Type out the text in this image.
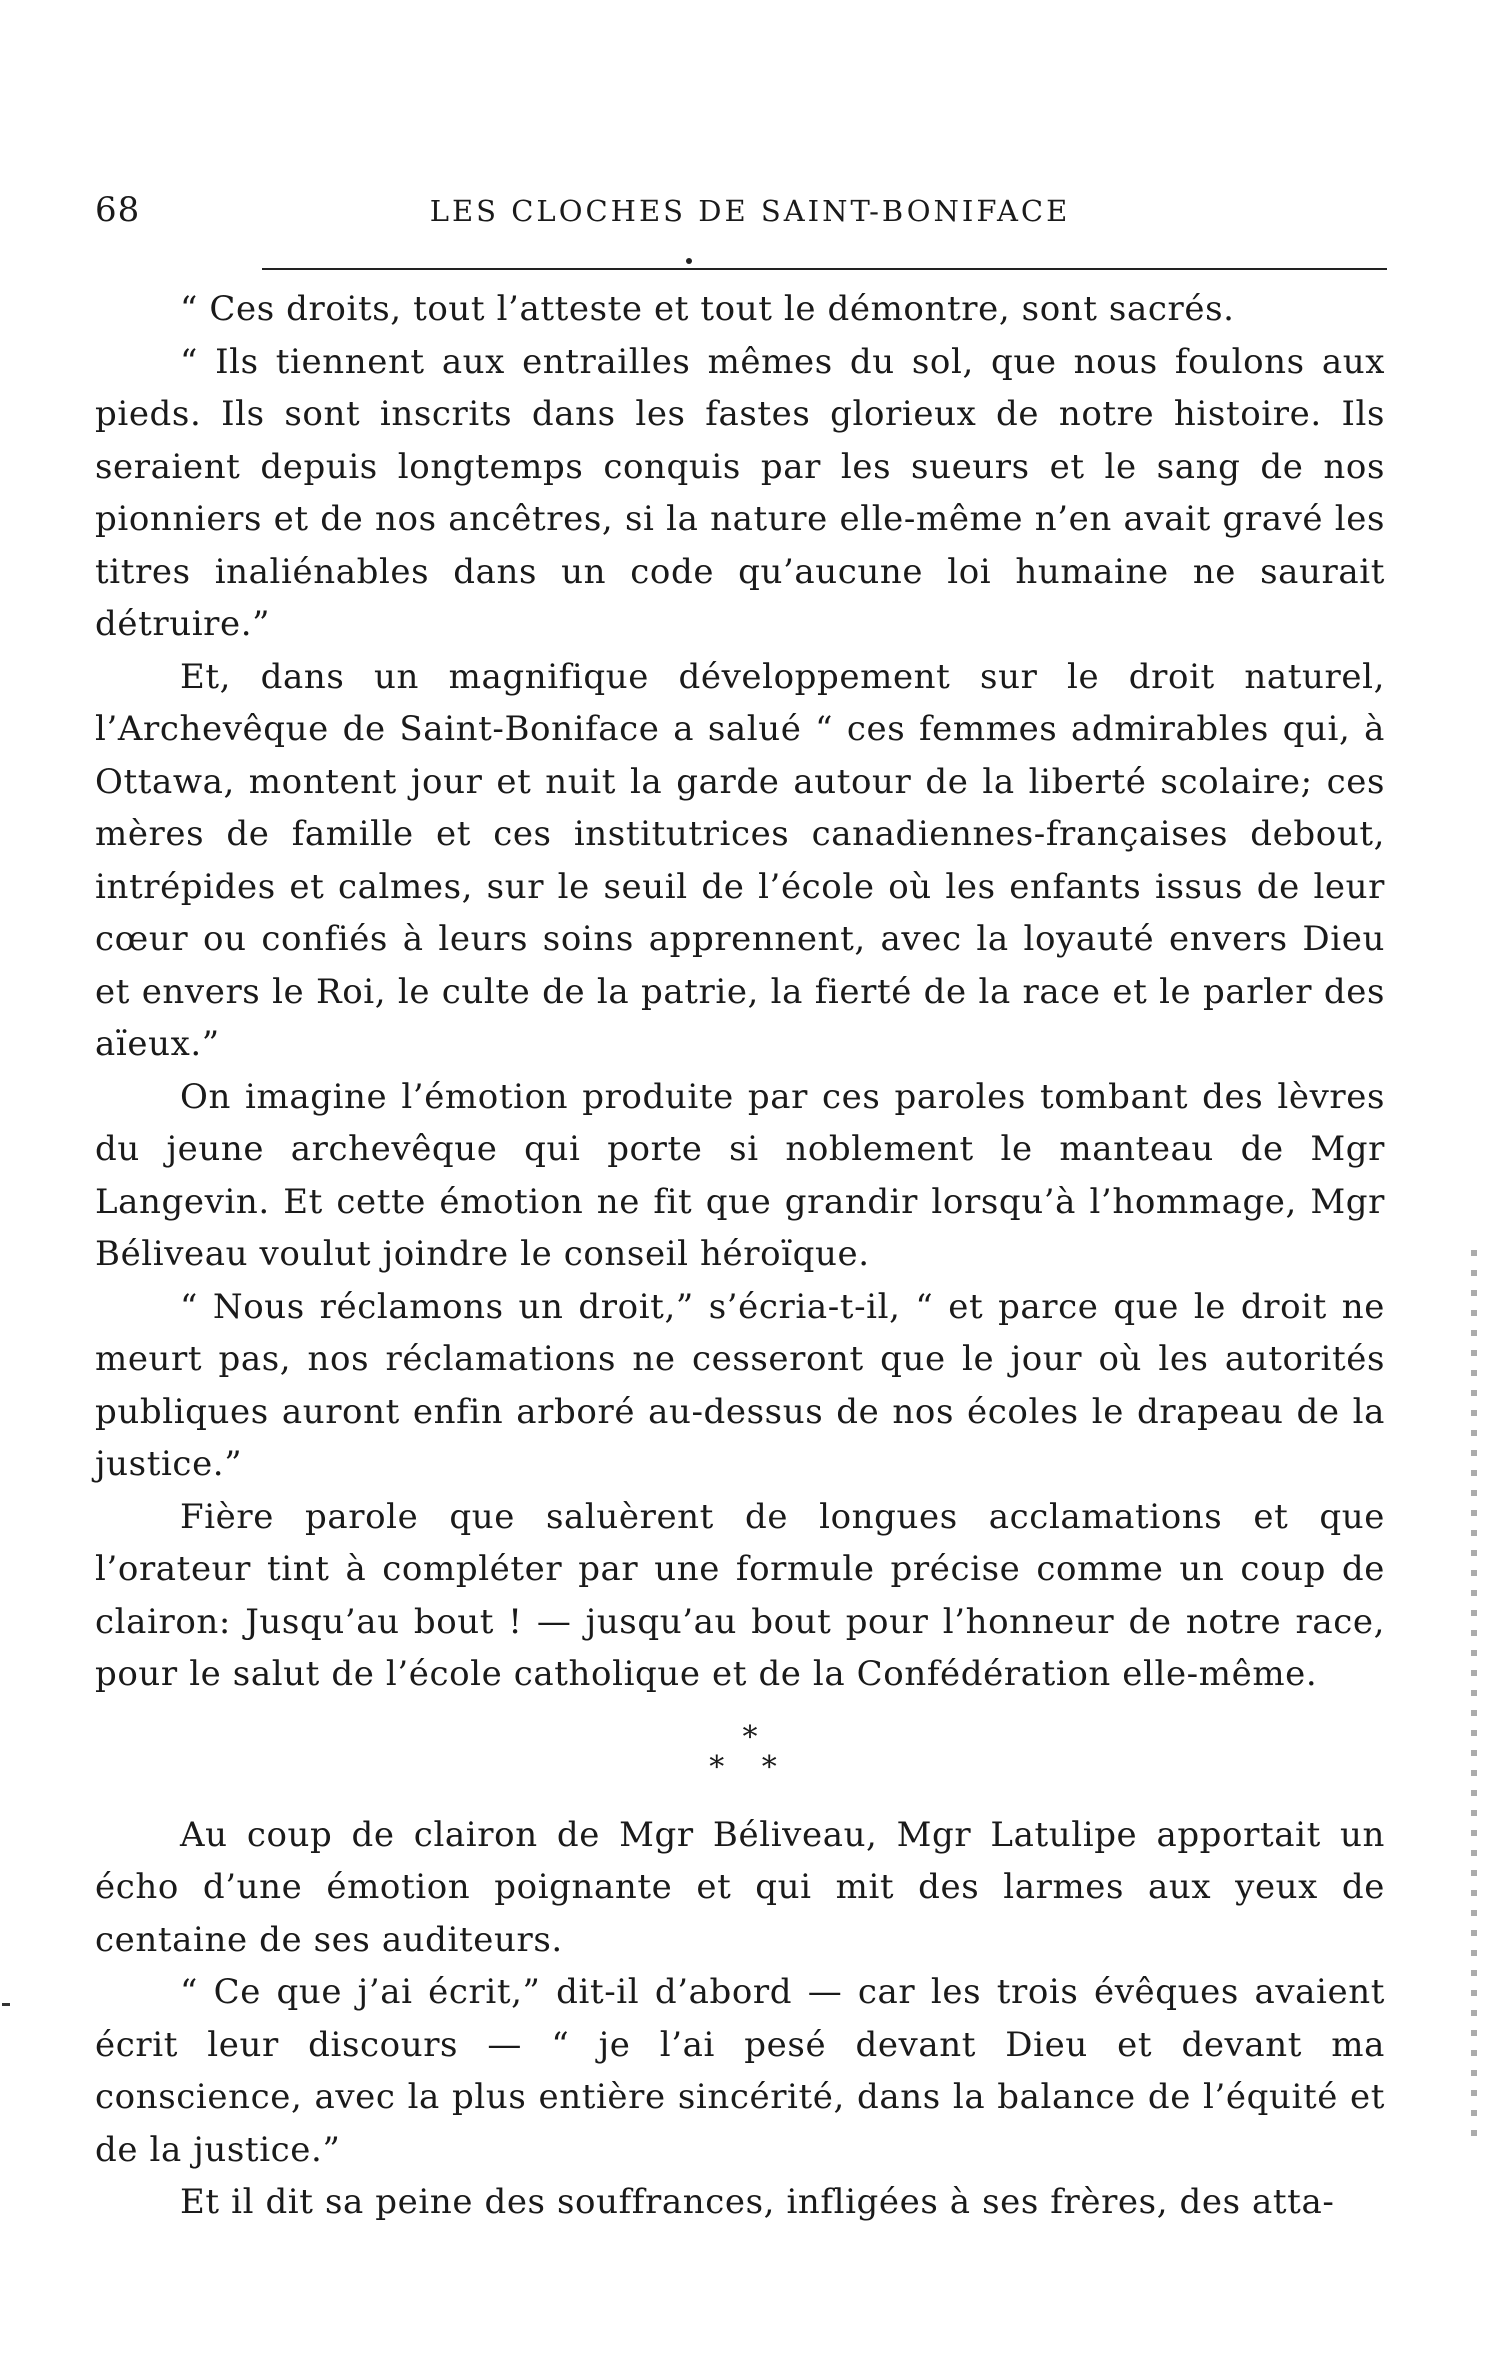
68	LES CLOCHES DE SAINT-BONIFACE

“ Ces droits, tout l’atteste et tout le démontre, sont sacrés.

“ Ils tiennent aux entrailles mêmes du sol, que nous foulons aux pieds. Ils sont inscrits dans les fastes glorieux de notre histoire. Ils seraient depuis longtemps conquis par les sueurs et le sang de nos pionniers et de nos ancêtres, si la nature elle-même n’en avait gravé les titres inaliénables dans un code qu’aucune loi humaine ne saurait détruire.”

Et, dans un magnifique développement sur le droit naturel, l’Archevêque de Saint-Boniface a salué “ ces femmes admirables qui, à Ottawa, montent jour et nuit la garde autour de la liberté scolaire; ces mères de famille et ces institutrices canadiennes-françaises debout, intrépides et calmes, sur le seuil de l’école où les enfants issus de leur cœur ou confiés à leurs soins apprennent, avec la loyauté envers Dieu et envers le Roi, le culte de la patrie, la fierté de la race et le parler des aïeux.”

On imagine l’émotion produite par ces paroles tombant des lèvres du jeune archevêque qui porte si noblement le manteau de Mgr Langevin. Et cette émotion ne fit que grandir lorsqu’à l’hommage, Mgr Béliveau voulut joindre le conseil héroïque.

“ Nous réclamons un droit,” s’écria-t-il, “ et parce que le droit ne meurt pas, nos réclamations ne cesseront que le jour où les autorités publiques auront enfin arboré au-dessus de nos écoles le drapeau de la justice.”

Fière parole que saluèrent de longues acclamations et que l’orateur tint à compléter par une formule précise comme un coup de clairon: Jusqu’au bout ! — jusqu’au bout pour l’honneur de notre race, pour le salut de l’école catholique et de la Confédération elle-même.

*
* *

Au coup de clairon de Mgr Béliveau, Mgr Latulipe apportait un écho d’une émotion poignante et qui mit des larmes aux yeux de centaine de ses auditeurs.

“ Ce que j’ai écrit,” dit-il d’abord — car les trois évêques avaient écrit leur discours — “ je l’ai pesé devant Dieu et devant ma conscience, avec la plus entière sincérité, dans la balance de l’équité et de la justice.”

Et il dit sa peine des souffrances, infligées à ses frères, des atta-
